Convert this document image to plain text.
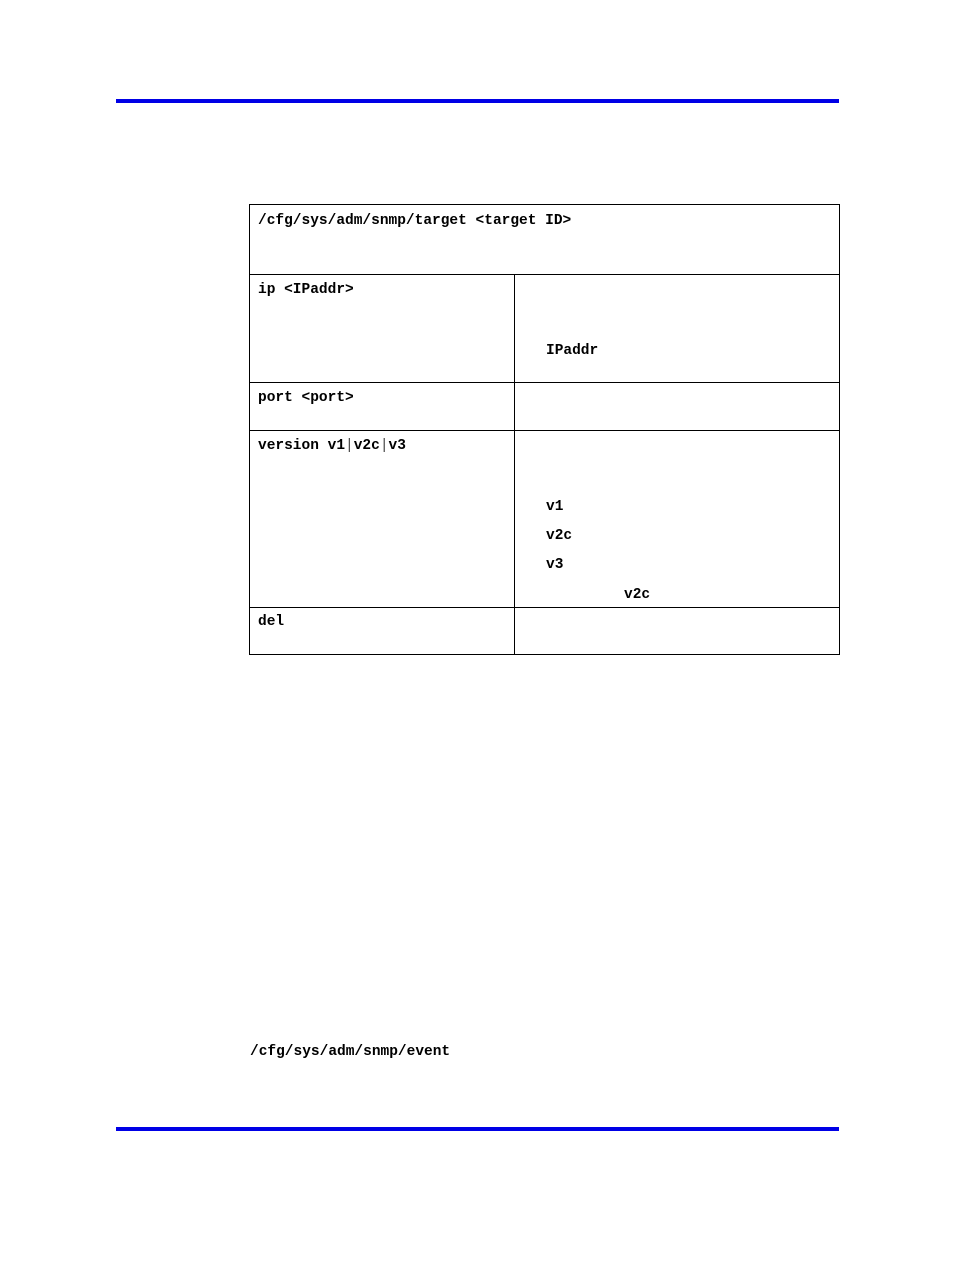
/cfg/sys/adm/snmp/target <target ID>	

ip <IPaddr>	IPaddr

port <port>	

version v1|v2c|v3	v1
v2c
v3
v2c

del	

/cfg/sys/adm/snmp/event
